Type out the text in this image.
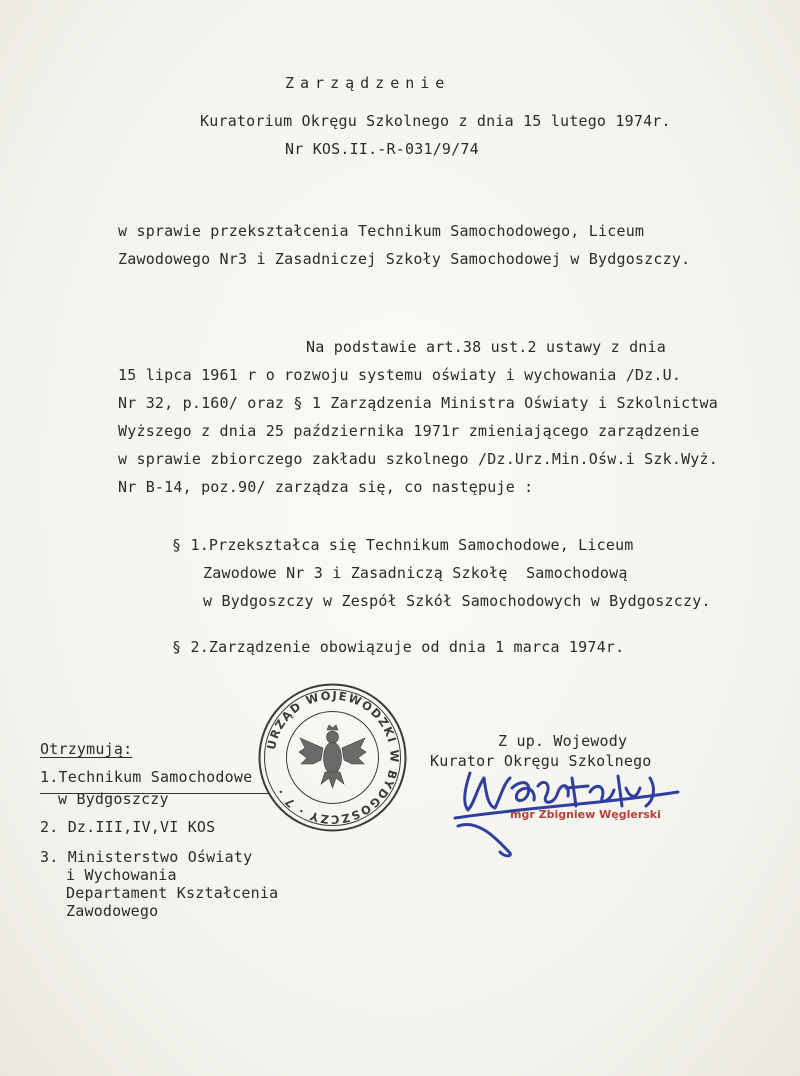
Zarządzenie
Kuratorium Okręgu Szkolnego z dnia 15 lutego 1974r.
Nr KOS.II.-R-031/9/74
w sprawie przekształcenia Technikum Samochodowego, Liceum
Zawodowego Nr3 i Zasadniczej Szkoły Samochodowej w Bydgoszczy.
Na podstawie art.38 ust.2 ustawy z dnia
15 lipca 1961 r o rozwoju systemu oświaty i wychowania /Dz.U.
Nr 32, p.160/ oraz § 1 Zarządzenia Ministra Oświaty i Szkolnictwa
Wyższego z dnia 25 października 1971r zmieniającego zarządzenie
w sprawie zbiorczego zakładu szkolnego /Dz.Urz.Min.Ośw.i Szk.Wyż.
Nr B-14, poz.90/ zarządza się, co następuje :
§ 1.Przekształca się Technikum Samochodowe, Liceum
Zawodowe Nr 3 i Zasadniczą Szkołę  Samochodową
w Bydgoszczy w Zespół Szkół Samochodowych w Bydgoszczy.
§ 2.Zarządzenie obowiązuje od dnia 1 marca 1974r.
Otrzymują:
1.Technikum Samochodowe
w Bydgoszczy
2. Dz.III,IV,VI KOS
3. Ministerstwo Oświaty
i Wychowania
Departament Kształcenia
Zawodowego
URZĄD WOJEWÓDZKI W BYDGOSZCZY · 7 ·
Z up. Wojewody
Kurator Okręgu Szkolnego
mgr Zbigniew Węglerski
